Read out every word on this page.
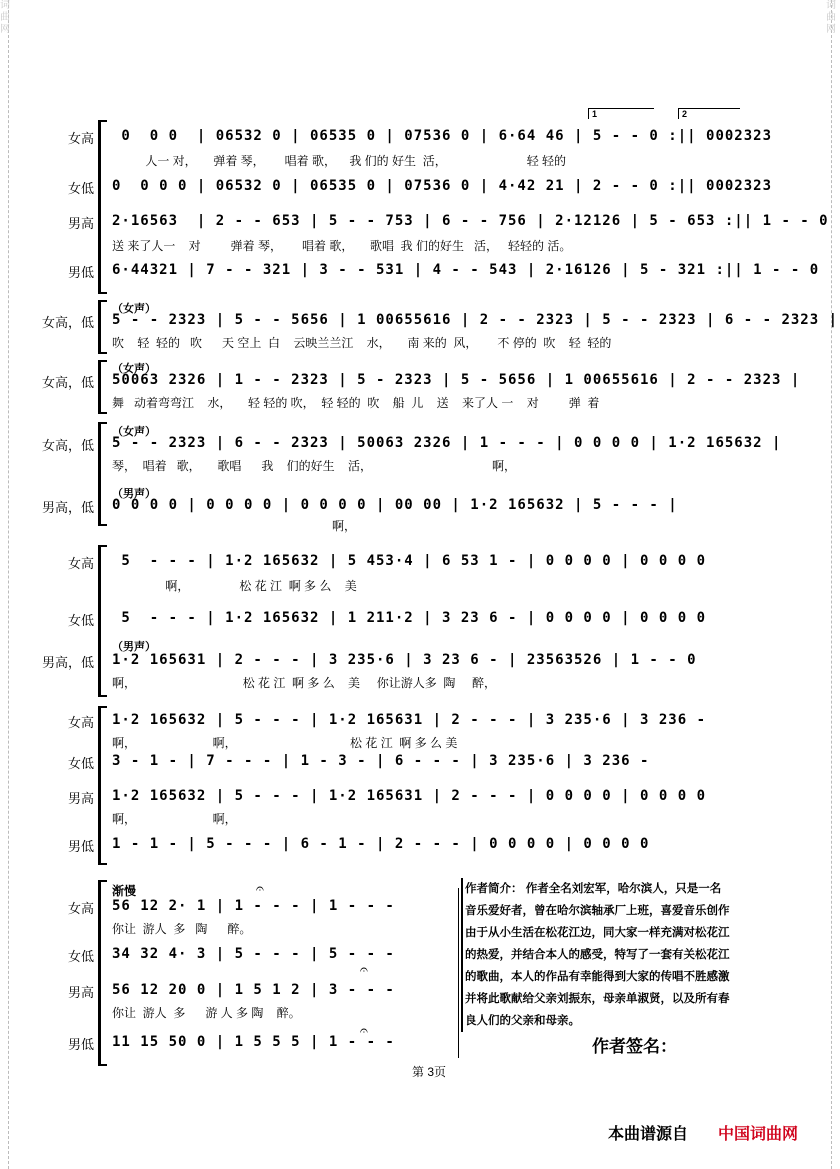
词曲网
词曲网
1	2
女高 0  0 0  | 06532 0 | 06535 0 | 07536 0 | 6·64 46 | 5 - - 0 :|| 0002323
人一 对，     弹着 琴，      唱着 歌，    我 们的 好生  活，                        轻 轻的
女低 0  0 0 0 | 06532 0 | 06535 0 | 07536 0 | 4·42 21 | 2 - - 0 :|| 0002323
男高 2·16563  | 2 - - 653 | 5 - - 753 | 6 - - 756 | 2·12126 | 5 - 653 :|| 1 - - 0
送 来了人一    对         弹着 琴，      唱着 歌，     歌唱  我 们的好生   活，   轻轻的 活。
男低 6·44321 | 7 - - 321 | 3 - - 531 | 4 - - 543 | 2·16126 | 5 - 321 :|| 1 - - 0
（女声）
女高，低 5 - - 2323 | 5 - - 5656 | 1 00655616 | 2 - - 2323 | 5 - - 2323 | 6 - - 2323 |
吹    轻  轻的   吹      天 空上  白    云映兰兰江    水，     南 来的  风，      不 停的  吹    轻  轻的
（女声）
女高，低 50063 2326 | 1 - - 2323 | 5 - 2323 | 5 - 5656 | 1 00655616 | 2 - - 2323 |
舞   动着弯弯江    水，     轻 轻的 吹，  轻 轻的  吹    船  儿    送    来了人 一    对         弹  着
（女声）
女高，低 5 - - 2323 | 6 - - 2323 | 50063 2326 | 1 - - - | 0 0 0 0 | 1·2 165632 |
琴，  唱着   歌，     歌唱      我    们的好生    活，                                    啊，
（男声）
男高，低 0 0 0 0 | 0 0 0 0 | 0 0 0 0 | 00 00 | 1·2 165632 | 5 - - - |
啊，
女高 5  - - - | 1·2 165632 | 5 453·4 | 6 53 1 - | 0 0 0 0 | 0 0 0 0
啊，               松 花 江  啊 多 么    美
女低 5  - - - | 1·2 165632 | 1 211·2 | 3 23 6 - | 0 0 0 0 | 0 0 0 0
（男声）
男高，低 1·2 165631 | 2 - - - | 3 235·6 | 3 23 6 - | 23563526 | 1 - - 0
啊，                                松 花 江  啊 多 么    美     你让游人多  陶     醉，
女高 1·2 165632 | 5 - - - | 1·2 165631 | 2 - - - | 3 235·6 | 3 236 -
啊，                       啊，                                  松 花 江  啊 多 么 美
女低 3 - 1 - | 7 - - - | 1 - 3 - | 6 - - - | 3 235·6 | 3 236 -
男高 1·2 165632 | 5 - - - | 1·2 165631 | 2 - - - | 0 0 0 0 | 0 0 0 0
啊，                       啊，
男低 1 - 1 - | 5 - - - | 6 - 1 - | 2 - - - | 0 0 0 0 | 0 0 0 0
渐慢	𝄐
𝄐
𝄐
女高 56 12 2· 1 | 1 - - - | 1 - - -
你让  游人  多   陶      醉。
女低 34 32 4· 3 | 5 - - - | 5 - - -
男高 56 12 20 0 | 1 5 1 2 | 3 - - -
你让  游人  多      游 人 多 陶    醉。
男低 11 15 50 0 | 1 5 5 5 | 1 - - -
作者简介： 作者全名刘宏军，哈尔滨人，只是一名
音乐爱好者，曾在哈尔滨轴承厂上班，喜爱音乐创作
由于从小生活在松花江边，同大家一样充满对松花江
的热爱，并结合本人的感受，特写了一套有关松花江
的歌曲，本人的作品有幸能得到大家的传唱不胜感激
并将此歌献给父亲刘振东，母亲单淑贤，以及所有春
良人们的父亲和母亲。
作者签名：
第 3页
本曲谱源自 中国词曲网
